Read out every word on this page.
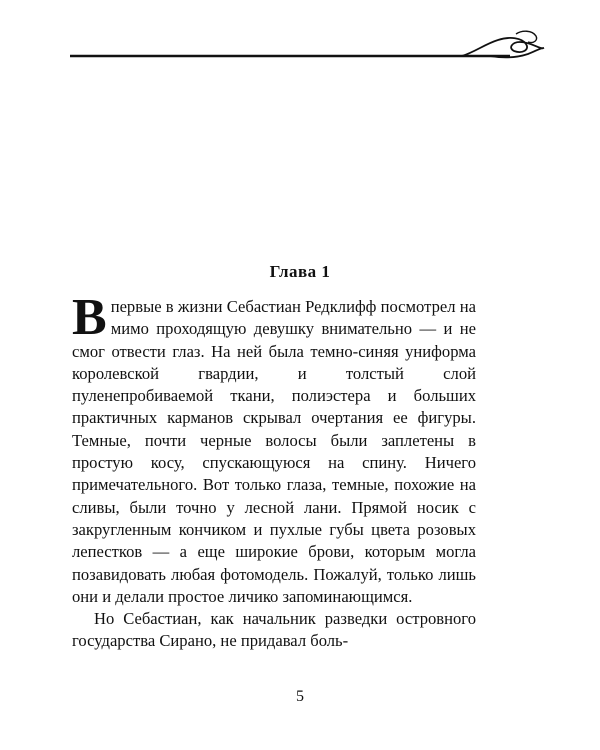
Глава 1

Впервые в жизни Себастиан Редклифф посмотрел на мимо проходящую девушку внимательно — и не смог отвести глаз. На ней была темно-синяя униформа королевской гвардии, и толстый слой пуленепробиваемой ткани, полиэстера и больших практичных карманов скрывал очертания ее фигуры. Темные, почти черные волосы были заплетены в простую косу, спускающуюся на спину. Ничего примечательного. Вот только глаза, темные, похожие на сливы, были точно у лесной лани. Прямой носик с закругленным кончиком и пухлые губы цвета розовых лепестков — а еще широкие брови, которым могла позавидовать любая фотомодель. Пожалуй, только лишь они и делали простое личико запоминающимся.

Но Себастиан, как начальник разведки островного государства Сирано, не придавал боль-

5
